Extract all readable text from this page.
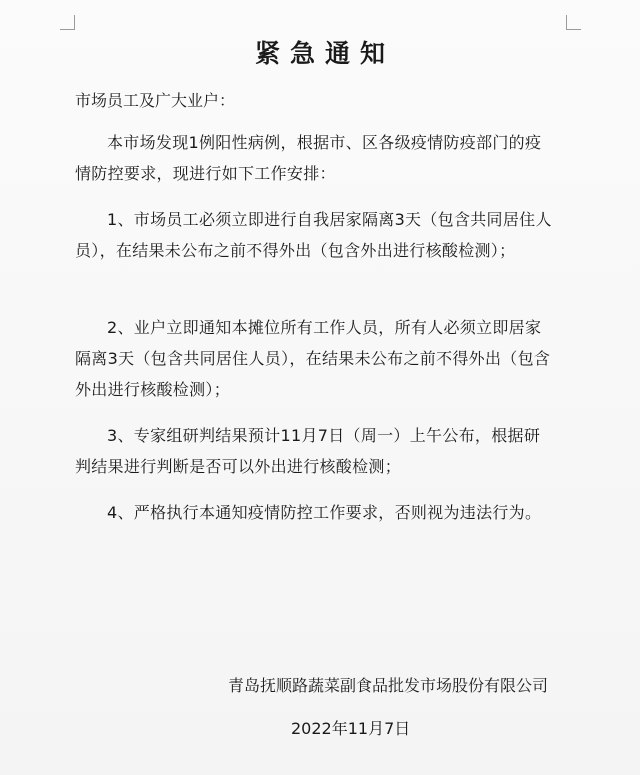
紧急通知
市场员工及广大业户：
本市场发现1例阳性病例，根据市、区各级疫情防疫部门的疫情防控要求，现进行如下工作安排：
1、市场员工必须立即进行自我居家隔离3天（包含共同居住人员），在结果未公布之前不得外出（包含外出进行核酸检测）；
2、业户立即通知本摊位所有工作人员，所有人必须立即居家隔离3天（包含共同居住人员），在结果未公布之前不得外出（包含外出进行核酸检测）；
3、专家组研判结果预计11月7日（周一）上午公布，根据研判结果进行判断是否可以外出进行核酸检测；
4、严格执行本通知疫情防控工作要求，否则视为违法行为。
青岛抚顺路蔬菜副食品批发市场股份有限公司
2022年11月7日
